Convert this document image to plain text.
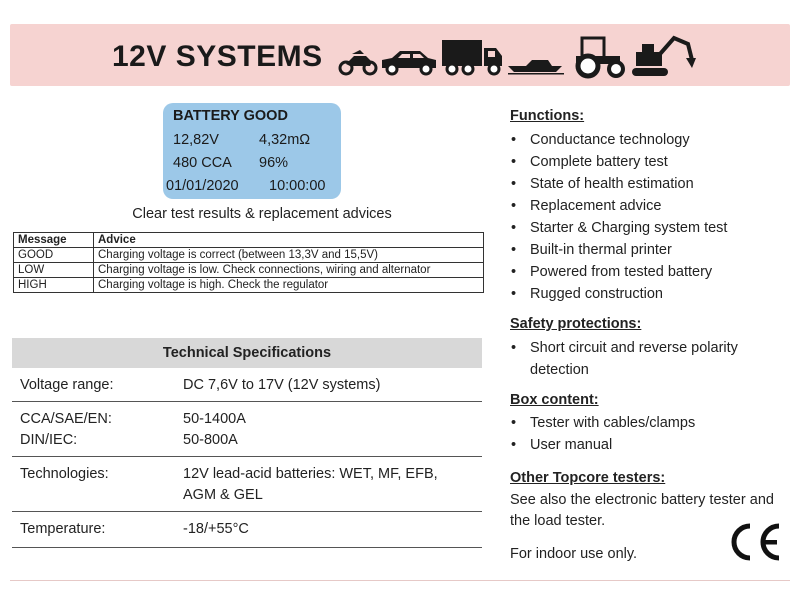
12V SYSTEMS
BATTERY GOOD
12,82V	4,32mΩ
480 CCA 96%
01/01/2020 10:00:00
Clear test results & replacement advices
Message	Advice
GOOD	Charging voltage is correct (between 13,3V and 15,5V)
LOW	Charging voltage is low. Check connections, wiring and alternator
HIGH	Charging voltage is high. Check the regulator
Technical Specifications
Voltage range:	DC 7,6V to 17V (12V systems)
CCA/SAE/EN:	50-1400A
DIN/IEC:	50-800A
Technologies:	12V lead-acid batteries: WET, MF, EFB, AGM & GEL
Temperature:	-18/+55°C
Functions:
• Conductance technology
• Complete battery test
• State of health estimation
• Replacement advice
• Starter & Charging system test
• Built-in thermal printer
• Powered from tested battery
• Rugged construction
Safety protections:
• Short circuit and reverse polarity detection
Box content:
• Tester with cables/clamps
• User manual
Other Topcore testers:
See also the electronic battery tester and the load tester.
For indoor use only.
